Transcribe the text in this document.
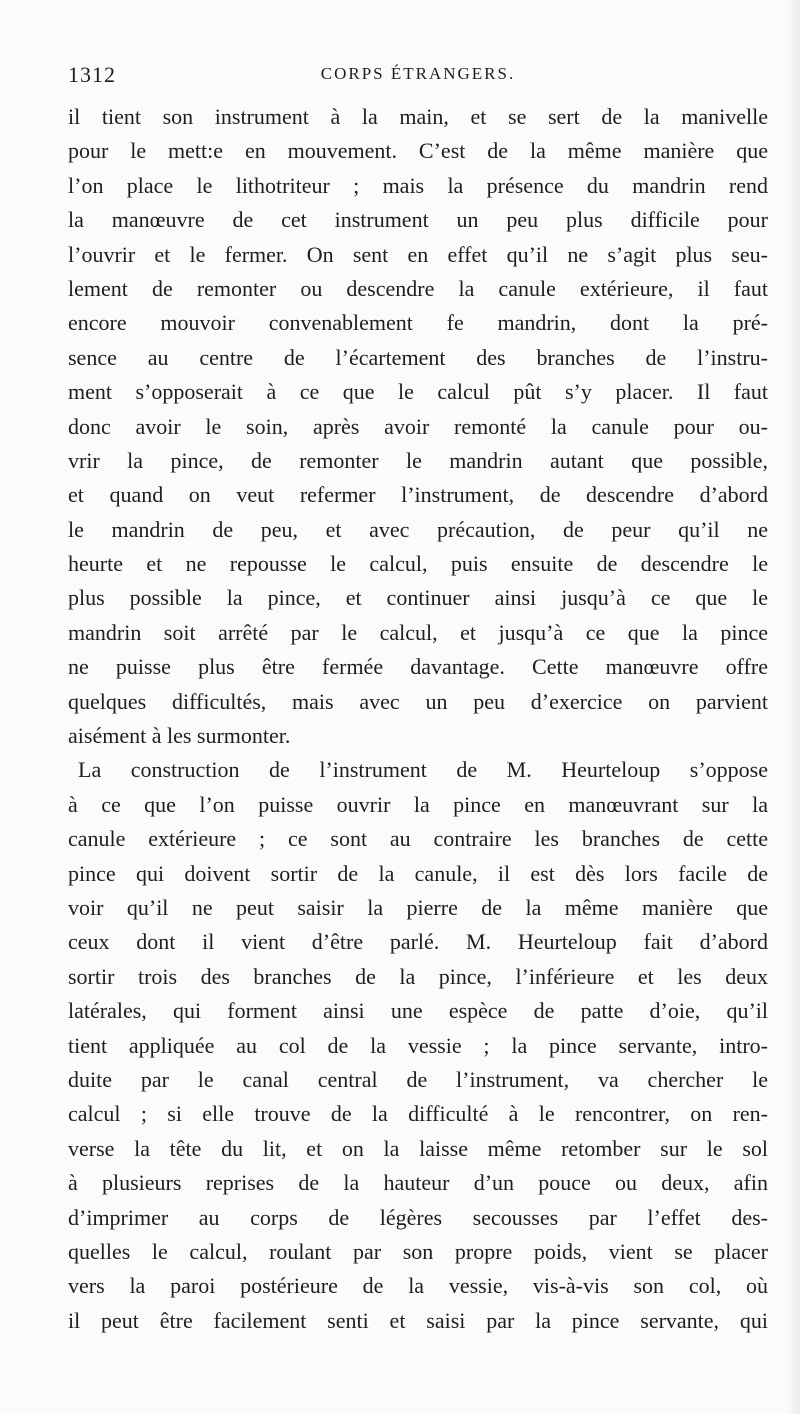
1312	CORPS ÉTRANGERS.
il tient son instrument à la main, et se sert de la manivelle
pour le mett:e en mouvement. C’est de la même manière que
l’on place le lithotriteur ; mais la présence du mandrin rend
la manœuvre de cet instrument un peu plus difficile pour
l’ouvrir et le fermer. On sent en effet qu’il ne s’agit plus seu-
lement de remonter ou descendre la canule extérieure, il faut
encore mouvoir convenablement fe mandrin, dont la pré-
sence au centre de l’écartement des branches de l’instru-
ment s’opposerait à ce que le calcul pût s’y placer. Il faut
donc avoir le soin, après avoir remonté la canule pour ou-
vrir la pince, de remonter le mandrin autant que possible,
et quand on veut refermer l’instrument, de descendre d’abord
le mandrin de peu, et avec précaution, de peur qu’il ne
heurte et ne repousse le calcul, puis ensuite de descendre le
plus possible la pince, et continuer ainsi jusqu’à ce que le
mandrin soit arrêté par le calcul, et jusqu’à ce que la pince
ne puisse plus être fermée davantage. Cette manœuvre offre
quelques difficultés, mais avec un peu d’exercice on parvient
aisément à les surmonter.
La construction de l’instrument de M. Heurteloup s’oppose
à ce que l’on puisse ouvrir la pince en manœuvrant sur la
canule extérieure ; ce sont au contraire les branches de cette
pince qui doivent sortir de la canule, il est dès lors facile de
voir qu’il ne peut saisir la pierre de la même manière que
ceux dont il vient d’être parlé. M. Heurteloup fait d’abord
sortir trois des branches de la pince, l’inférieure et les deux
latérales, qui forment ainsi une espèce de patte d’oie, qu’il
tient appliquée au col de la vessie ; la pince servante, intro-
duite par le canal central de l’instrument, va chercher le
calcul ; si elle trouve de la difficulté à le rencontrer, on ren-
verse la tête du lit, et on la laisse même retomber sur le sol
à plusieurs reprises de la hauteur d’un pouce ou deux, afin
d’imprimer au corps de légères secousses par l’effet des-
quelles le calcul, roulant par son propre poids, vient se placer
vers la paroi postérieure de la vessie, vis-à-vis son col, où
il peut être facilement senti et saisi par la pince servante, qui
